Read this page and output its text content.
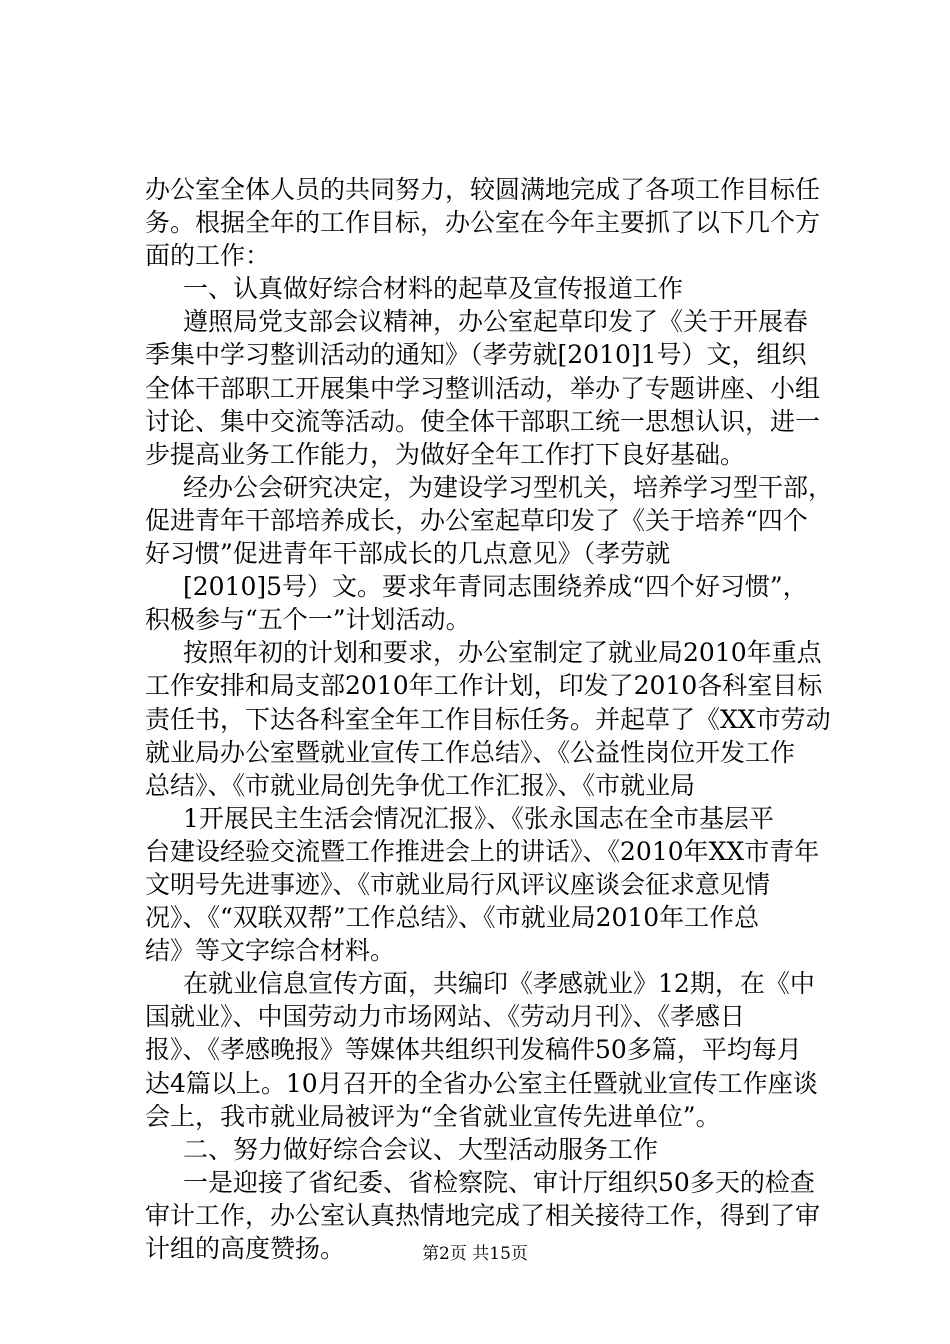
办公室全体人员的共同努力，较圆满地完成了各项工作目标任
务。根据全年的工作目标，办公室在今年主要抓了以下几个方
面的工作：
一、认真做好综合材料的起草及宣传报道工作
遵照局党支部会议精神，办公室起草印发了《关于开展春
季集中学习整训活动的通知》（孝劳就[2010]1号）文，组织
全体干部职工开展集中学习整训活动，举办了专题讲座、小组
讨论、集中交流等活动。使全体干部职工统一思想认识，进一
步提高业务工作能力，为做好全年工作打下良好基础。
经办公会研究决定，为建设学习型机关，培养学习型干部，
促进青年干部培养成长，办公室起草印发了《关于培养“四个
好习惯”促进青年干部成长的几点意见》（孝劳就
[2010]5号）文。要求年青同志围绕养成“四个好习惯”，
积极参与“五个一”计划活动。
按照年初的计划和要求，办公室制定了就业局2010年重点
工作安排和局支部2010年工作计划，印发了2010各科室目标
责任书，下达各科室全年工作目标任务。并起草了《XX市劳动
就业局办公室暨就业宣传工作总结》、《公益性岗位开发工作
总结》、《市就业局创先争优工作汇报》、《市就业局
1开展民主生活会情况汇报》、《张永国志在全市基层平
台建设经验交流暨工作推进会上的讲话》、《2010年XX市青年
文明号先进事迹》、《市就业局行风评议座谈会征求意见情
况》、《“双联双帮”工作总结》、《市就业局2010年工作总
结》等文字综合材料。
在就业信息宣传方面，共编印《孝感就业》12期，在《中
国就业》、中国劳动力市场网站、《劳动月刊》、《孝感日
报》、《孝感晚报》等媒体共组织刊发稿件50多篇，平均每月
达4篇以上。10月召开的全省办公室主任暨就业宣传工作座谈
会上，我市就业局被评为“全省就业宣传先进单位”。
二、努力做好综合会议、大型活动服务工作
一是迎接了省纪委、省检察院、审计厅组织50多天的检查
审计工作，办公室认真热情地完成了相关接待工作，得到了审
计组的高度赞扬。	第2页 共15页
